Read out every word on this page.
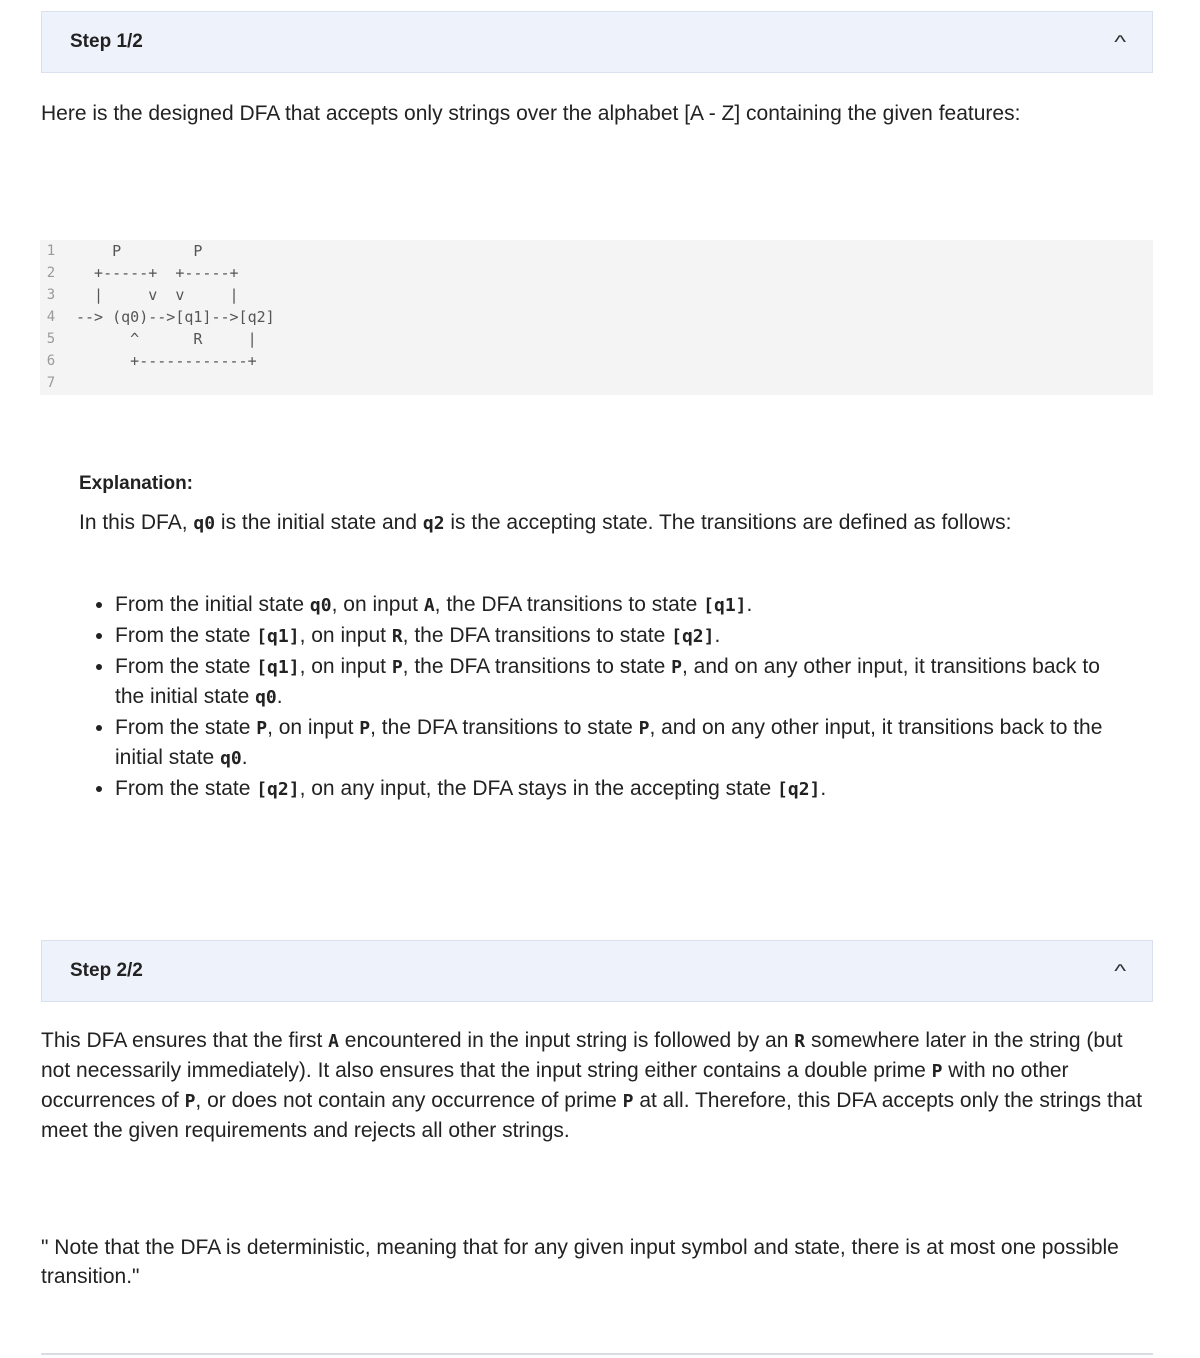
Step 1/2	^

Here is the designed DFA that accepts only strings over the alphabet [A - Z] containing the given features:

1	P        P
2	+-----+  +-----+
3	|     v  v     |
4	--> (q0)-->[q1]-->[q2]
5	^      R     |
6	+------------+
7
Explanation:

In this DFA, q0 is the initial state and q2 is the accepting state. The transitions are defined as follows:

• From the initial state q0, on input A, the DFA transitions to state [q1].
• From the state [q1], on input R, the DFA transitions to state [q2].
• From the state [q1], on input P, the DFA transitions to state P, and on any other input, it transitions back to the initial state q0.
• From the state P, on input P, the DFA transitions to state P, and on any other input, it transitions back to the initial state q0.
• From the state [q2], on any input, the DFA stays in the accepting state [q2].
Step 2/2	^

This DFA ensures that the first A encountered in the input string is followed by an R somewhere later in the string (but not necessarily immediately). It also ensures that the input string either contains a double prime P with no other occurrences of P, or does not contain any occurrence of prime P at all. Therefore, this DFA accepts only the strings that meet the given requirements and rejects all other strings.

" Note that the DFA is deterministic, meaning that for any given input symbol and state, there is at most one possible transition."
